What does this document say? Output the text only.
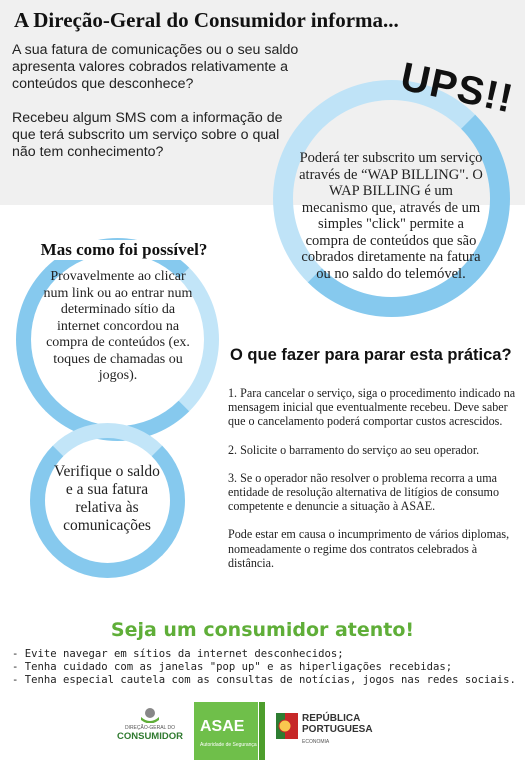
A Direção-Geral do Consumidor informa...

A sua fatura de comunicações ou o seu saldo apresenta valores cobrados relativamente a conteúdos que desconhece?

Recebeu algum SMS com a informação de que terá subscrito um serviço sobre o qual não tem conhecimento?

UPS!!
Poderá ter subscrito um serviço através de “WAP BILLING". O WAP BILLING é um mecanismo que, através de um simples "click" permite a compra de conteúdos que são cobrados diretamente na fatura ou no saldo do telemóvel.
Mas como foi possível?
Provavelmente ao clicar num link ou ao entrar num determinado sítio da internet concordou na compra de conteúdos (ex. toques de chamadas ou jogos).
Verifique o saldo e a sua fatura relativa às comunicações
O que fazer para parar esta prática?

1. Para cancelar o serviço, siga o procedimento indicado na mensagem inicial que eventualmente recebeu. Deve saber que o cancelamento poderá comportar custos acrescidos.

2. Solicite o barramento do serviço ao seu operador.

3. Se o operador não resolver o problema recorra a uma entidade de resolução alternativa de litígios de consumo competente e denuncie a situação à ASAE.

Pode estar em causa o incumprimento de vários diplomas, nomeadamente o regime dos contratos celebrados à distância.

Seja um consumidor atento!
- Evite navegar em sítios da internet desconhecidos;
- Tenha cuidado com as janelas "pop up" e as hiperligações recebidas;
- Tenha especial cautela com as consultas de notícias, jogos nas redes sociais.
DIREÇÃO-GERAL DO
CONSUMIDOR
ASAE
Autoridade de Segurança
REPÚBLICA
PORTUGUESA
ECONOMIA
